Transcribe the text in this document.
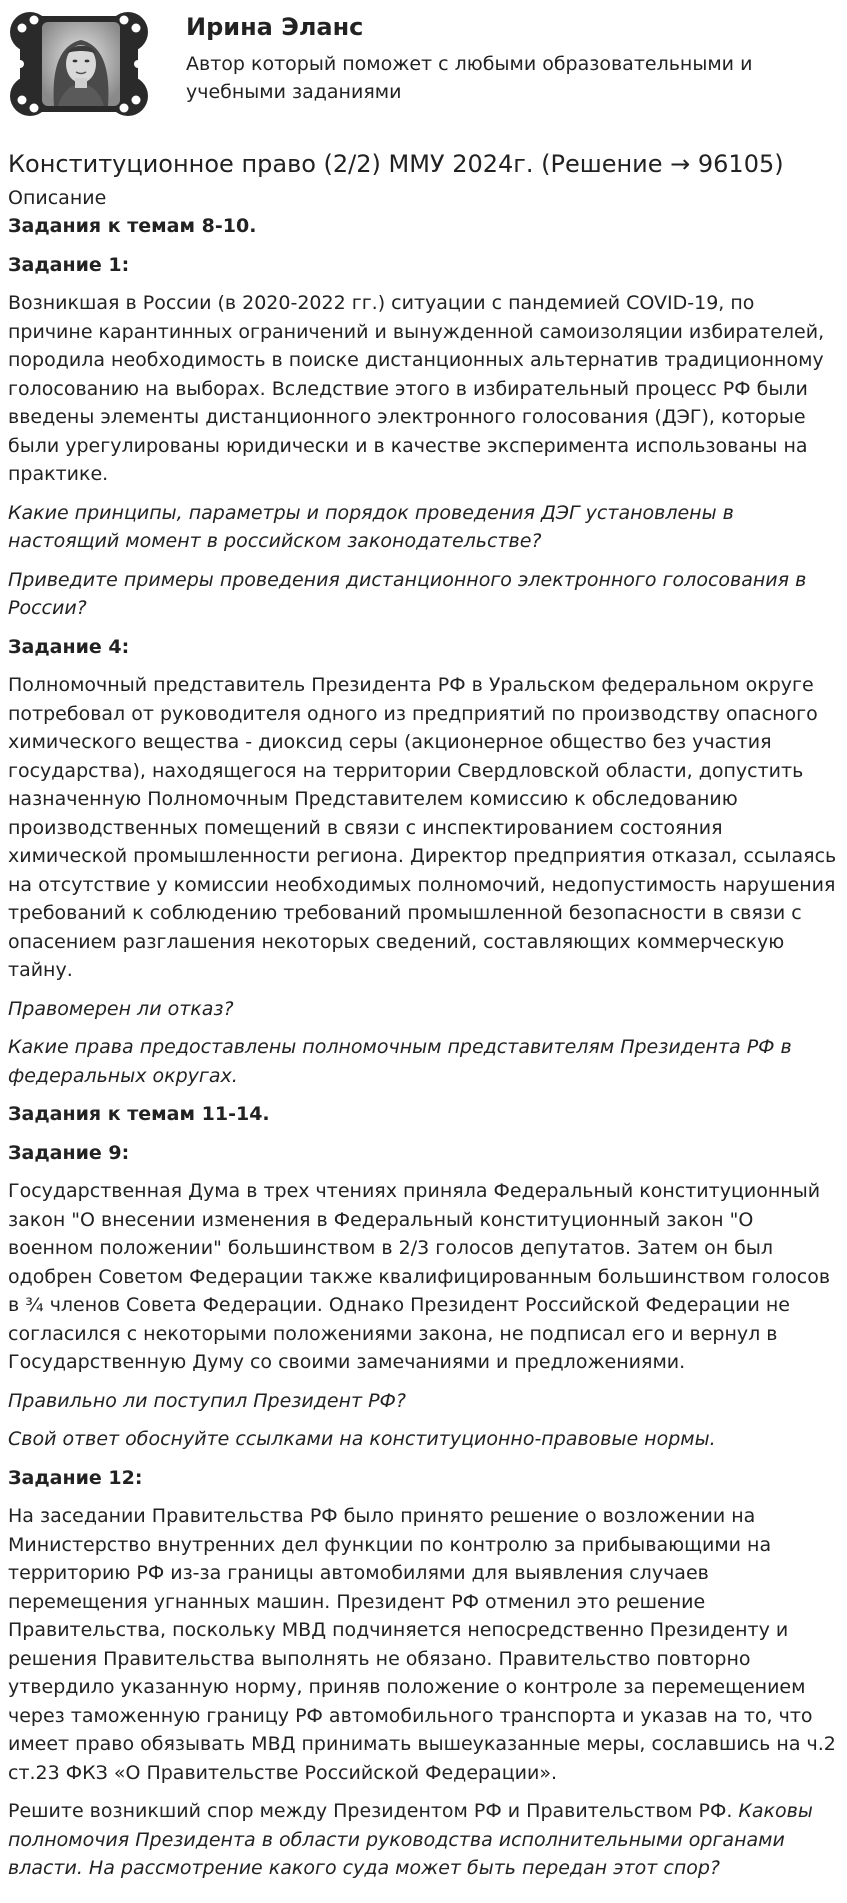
Ирина Эланс
Автор который поможет с любыми образовательными и учебными заданиями
Конституционное право (2/2) ММУ 2024г. (Решение → 96105)
Описание

Задания к темам 8-10.

Задание 1:

Возникшая в России (в 2020-2022 гг.) ситуации с пандемией COVID-19, по причине карантинных ограничений и вынужденной самоизоляции избирателей, породила необходимость в поиске дистанционных альтернатив традиционному голосованию на выборах. Вследствие этого в избирательный процесс РФ были введены элементы дистанционного электронного голосования (ДЭГ), которые были урегулированы юридически и в качестве эксперимента использованы на практике.

Какие принципы, параметры и порядок проведения ДЭГ установлены в настоящий момент в российском законодательстве?

Приведите примеры проведения дистанционного электронного голосования в России?

Задание 4:

Полномочный представитель Президента РФ в Уральском федеральном округе потребовал от руководителя одного из предприятий по производству опасного химического вещества - диоксид серы (акционерное общество без участия государства), находящегося на территории Свердловской области, допустить назначенную Полномочным Представителем комиссию к обследованию производственных помещений в связи с инспектированием состояния химической промышленности региона. Директор предприятия отказал, ссылаясь на отсутствие у комиссии необходимых полномочий, недопустимость нарушения требований к соблюдению требований промышленной безопасности в связи с опасением разглашения некоторых сведений, составляющих коммерческую тайну.

Правомерен ли отказ?

Какие права предоставлены полномочным представителям Президента РФ в федеральных округах.

Задания к темам 11-14.

Задание 9:

Государственная Дума в трех чтениях приняла Федеральный конституционный закон "О внесении изменения в Федеральный конституционный закон "О военном положении" большинством в 2/3 голосов депутатов. Затем он был одобрен Советом Федерации также квалифицированным большинством голосов в ¾ членов Совета Федерации. Однако Президент Российской Федерации не согласился с некоторыми положениями закона, не подписал его и вернул в Государственную Думу со своими замечаниями и предложениями.

Правильно ли поступил Президент РФ?

Свой ответ обоснуйте ссылками на конституционно-правовые нормы.

Задание 12:

На заседании Правительства РФ было принято решение о возложении на Министерство внутренних дел функции по контролю за прибывающими на территорию РФ из-за границы автомобилями для выявления случаев перемещения угнанных машин. Президент РФ отменил это решение Правительства, поскольку МВД подчиняется непосредственно Президенту и решения Правительства выполнять не обязано. Правительство повторно утвердило указанную норму, приняв положение о контроле за перемещением через таможенную границу РФ автомобильного транспорта и указав на то, что имеет право обязывать МВД принимать вышеуказанные меры, сославшись на ч.2 ст.23 ФКЗ «О Правительстве Российской Федерации».

Решите возникший спор между Президентом РФ и Правительством РФ. Каковы полномочия Президента в области руководства исполнительными органами власти. На рассмотрение какого суда может быть передан этот спор?
